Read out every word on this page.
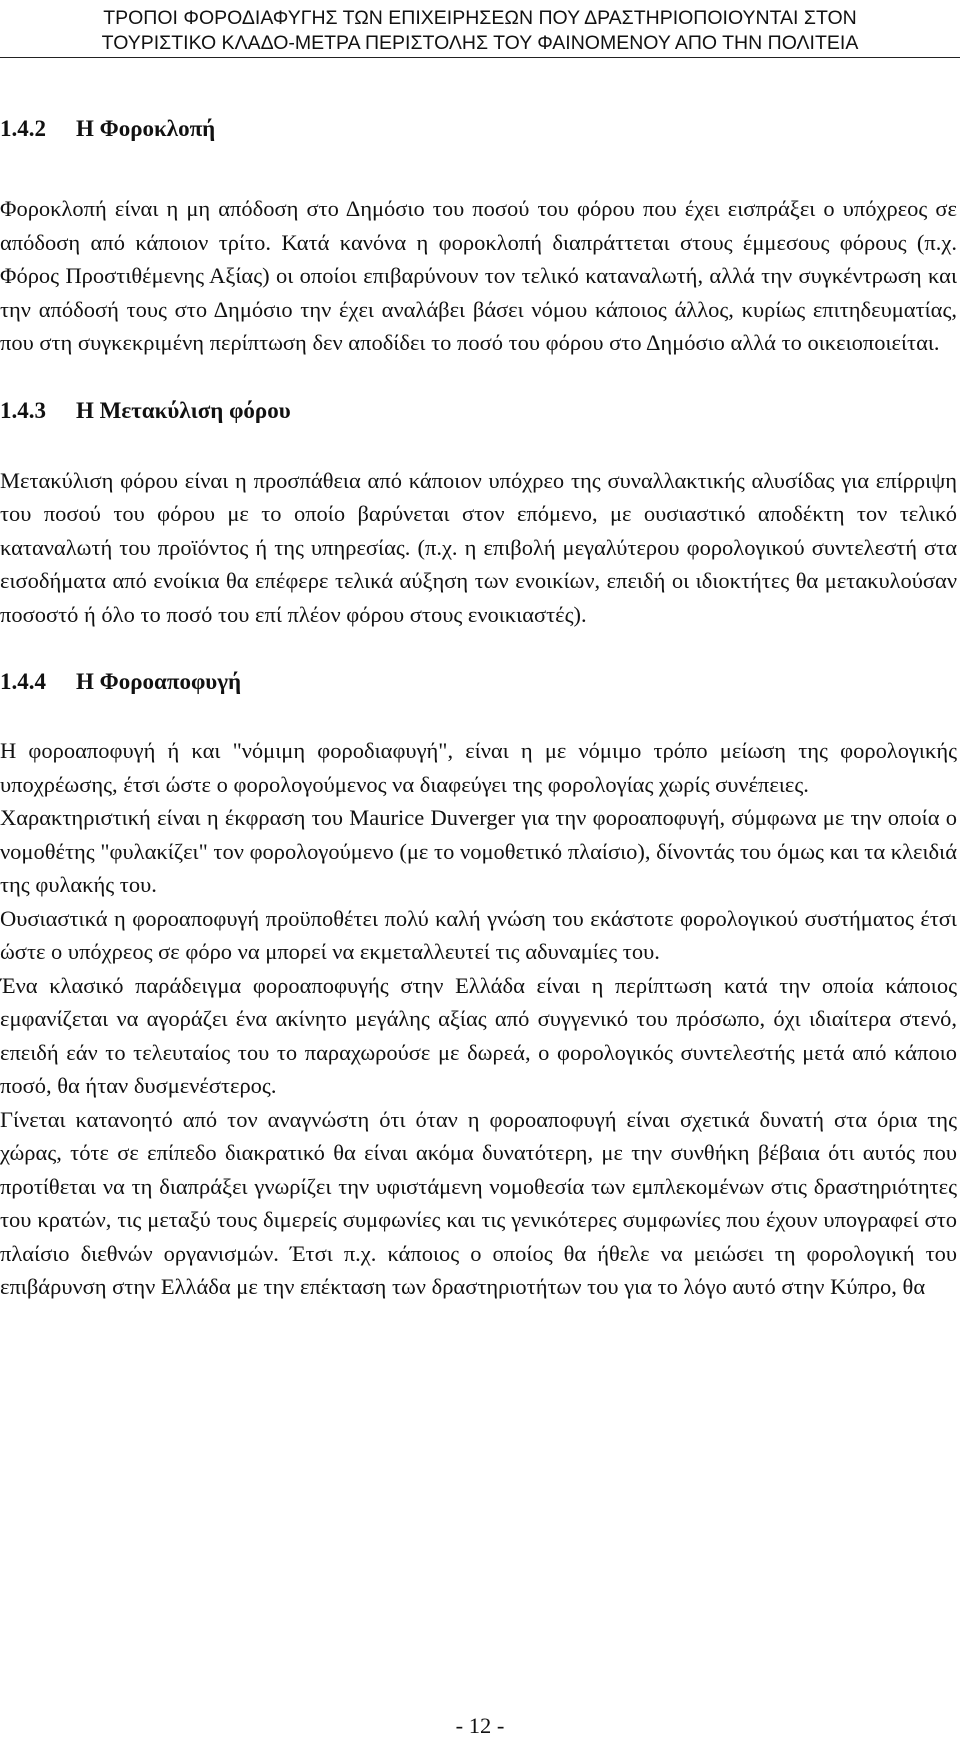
ΤΡΟΠΟΙ ΦΟΡΟΔΙΑΦΥΓΗΣ ΤΩΝ ΕΠΙΧΕΙΡΗΣΕΩΝ ΠΟΥ ΔΡΑΣΤΗΡΙΟΠΟΙΟΥΝΤΑΙ ΣΤΟΝ
ΤΟΥΡΙΣΤΙΚΟ ΚΛΑΔΟ-ΜΕΤΡΑ ΠΕΡΙΣΤΟΛΗΣ ΤΟΥ ΦΑΙΝΟΜΕΝΟΥ ΑΠΟ ΤΗΝ ΠΟΛΙΤΕΙΑ
1.4.2 Η Φοροκλοπή

Φοροκλοπή είναι η μη απόδοση στο Δημόσιο του ποσού του φόρου που έχει εισπράξει ο υπόχρεος σε απόδοση από κάποιον τρίτο. Κατά κανόνα η φοροκλοπή διαπράττεται στους έμμεσους φόρους (π.χ. Φόρος Προστιθέμενης Αξίας) οι οποίοι επιβαρύνουν τον τελικό καταναλωτή, αλλά την συγκέντρωση και την απόδοσή τους στο Δημόσιο την έχει αναλάβει βάσει νόμου κάποιος άλλος, κυρίως επιτηδευματίας, που στη συγκεκριμένη περίπτωση δεν αποδίδει το ποσό του φόρου στο Δημόσιο αλλά το οικειοποιείται.

1.4.3 Η Μετακύλιση φόρου

Μετακύλιση φόρου είναι η προσπάθεια από κάποιον υπόχρεο της συναλλακτικής αλυσίδας για επίρριψη του ποσού του φόρου με το οποίο βαρύνεται στον επόμενο, με ουσιαστικό αποδέκτη τον τελικό καταναλωτή του προϊόντος ή της υπηρεσίας. (π.χ. η επιβολή μεγαλύτερου φορολογικού συντελεστή στα εισοδήματα από ενοίκια θα επέφερε τελικά αύξηση των ενοικίων, επειδή οι ιδιοκτήτες θα μετακυλούσαν ποσοστό ή όλο το ποσό του επί πλέον φόρου στους ενοικιαστές).

1.4.4 Η Φοροαποφυγή

Η φοροαποφυγή ή και "νόμιμη φοροδιαφυγή", είναι η με νόμιμο τρόπο μείωση της φορολογικής υποχρέωσης, έτσι ώστε ο φορολογούμενος να διαφεύγει της φορολογίας χωρίς συνέπειες.

Χαρακτηριστική είναι η έκφραση του Maurice Duverger για την φοροαποφυγή, σύμφωνα με την οποία ο νομοθέτης "φυλακίζει" τον φορολογούμενο (με το νομοθετικό πλαίσιο), δίνοντάς του όμως και τα κλειδιά της φυλακής του.

Ουσιαστικά η φοροαποφυγή προϋποθέτει πολύ καλή γνώση του εκάστοτε φορολογικού συστήματος έτσι ώστε ο υπόχρεος σε φόρο να μπορεί να εκμεταλλευτεί τις αδυναμίες του.

Ένα κλασικό παράδειγμα φοροαποφυγής στην Ελλάδα είναι η περίπτωση κατά την οποία κάποιος εμφανίζεται να αγοράζει ένα ακίνητο μεγάλης αξίας από συγγενικό του πρόσωπο, όχι ιδιαίτερα στενό, επειδή εάν το τελευταίος του το παραχωρούσε με δωρεά, ο φορολογικός συντελεστής μετά από κάποιο ποσό, θα ήταν δυσμενέστερος.

Γίνεται κατανοητό από τον αναγνώστη ότι όταν η φοροαποφυγή είναι σχετικά δυνατή στα όρια της χώρας, τότε σε επίπεδο διακρατικό θα είναι ακόμα δυνατότερη, με την συνθήκη βέβαια ότι αυτός που προτίθεται να τη διαπράξει γνωρίζει την υφιστάμενη νομοθεσία των εμπλεκομένων στις δραστηριότητες του κρατών, τις μεταξύ τους διμερείς συμφωνίες και τις γενικότερες συμφωνίες που έχουν υπογραφεί στο πλαίσιο διεθνών οργανισμών. Έτσι π.χ. κάποιος ο οποίος θα ήθελε να μειώσει τη φορολογική του επιβάρυνση στην Ελλάδα με την επέκταση των δραστηριοτήτων του για το λόγο αυτό στην Κύπρο, θα

- 12 -
